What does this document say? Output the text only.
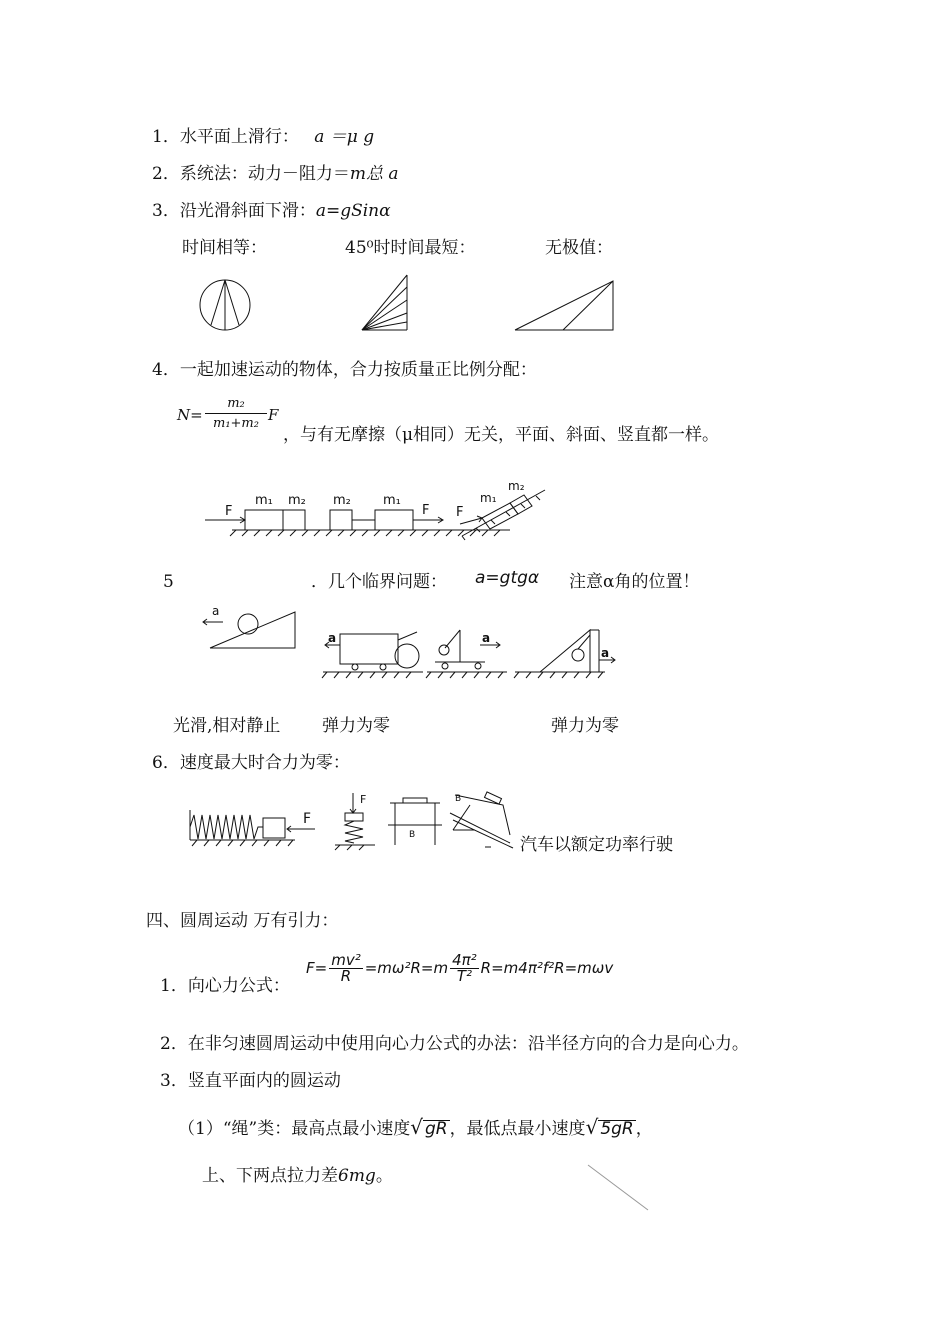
1．水平面上滑行： a ＝μ g
2．系统法：动力－阻力＝m总 a
3．沿光滑斜面下滑：a=gSinα
时间相等：	45⁰时时间最短：	无极值：
4．一起加速运动的物体，合力按质量正比例分配：
$N= \frac{\text{m₂}}{\text{m₁+m₂}}$ F
，与有无摩擦（μ相同）无关，平面、斜面、竖直都一样。
F
m₁ m₂ m₂ m₁
F F
m₁
m₂
5	．几个临界问题： a=gtgα 注意α角的位置！
a
a	a
a
光滑,相对静止 弹力为零	弹力为零
6．速度最大时合力为零：
F
F
B
B
汽车以额定功率行驶
四、圆周运动 万有引力：
1．向心力公式：
$F= \frac{\text{mv²}}{R} =m\omega^2R=m$ 4π²
T² R=m4π²f²R=mωv
2．在非匀速圆周运动中使用向心力公式的办法：沿半径方向的合力是向心力。
3．竖直平面内的圆运动
（1）“绳”类：最高点最小速度√ gR ，最低点最小速度√ 5gR ，
上、下两点拉力差6mg。
